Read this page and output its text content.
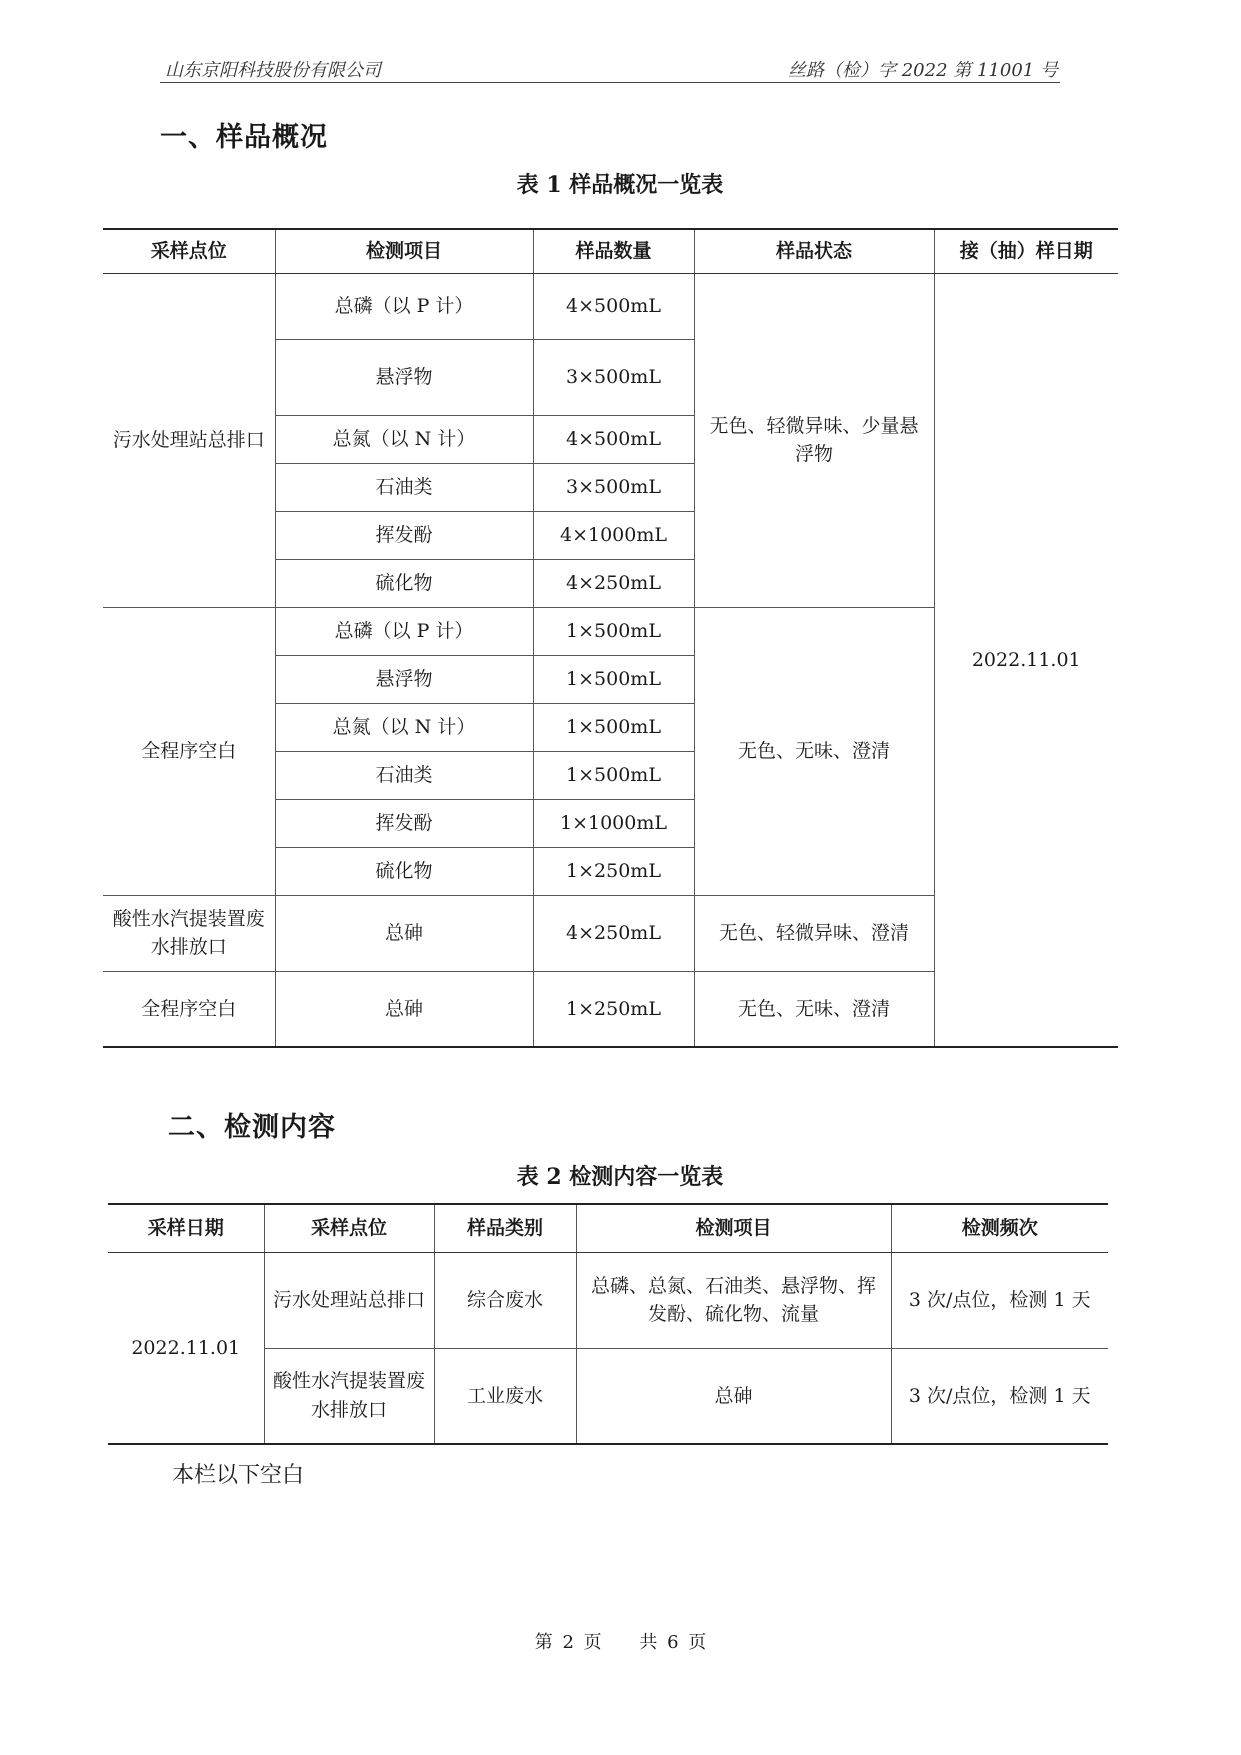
山东京阳科技股份有限公司	丝路（检）字 2022 第 11001 号
一、样品概况
表 1 样品概况一览表
采样点位	检测项目	样品数量	样品状态	接（抽）样日期
污水处理站总排口	总磷（以 P 计）	4×500mL	无色、轻微异味、少量悬浮物	2022.11.01
	悬浮物	3×500mL		
	总氮（以 N 计）	4×500mL		
	石油类	3×500mL		
	挥发酚	4×1000mL		
	硫化物	4×250mL		
全程序空白	总磷（以 P 计）	1×500mL	无色、无味、澄清	
	悬浮物	1×500mL		
	总氮（以 N 计）	1×500mL		
	石油类	1×500mL		
	挥发酚	1×1000mL		
	硫化物	1×250mL		
酸性水汽提装置废水排放口	总砷	4×250mL	无色、轻微异味、澄清	
全程序空白	总砷	1×250mL	无色、无味、澄清	
二、检测内容
表 2 检测内容一览表
采样日期	采样点位	样品类别	检测项目	检测频次
2022.11.01	污水处理站总排口	综合废水	总磷、总氮、石油类、悬浮物、挥发酚、硫化物、流量	3 次/点位，检测 1 天
	酸性水汽提装置废水排放口	工业废水	总砷	3 次/点位，检测 1 天
本栏以下空白
第 2 页 共 6 页
